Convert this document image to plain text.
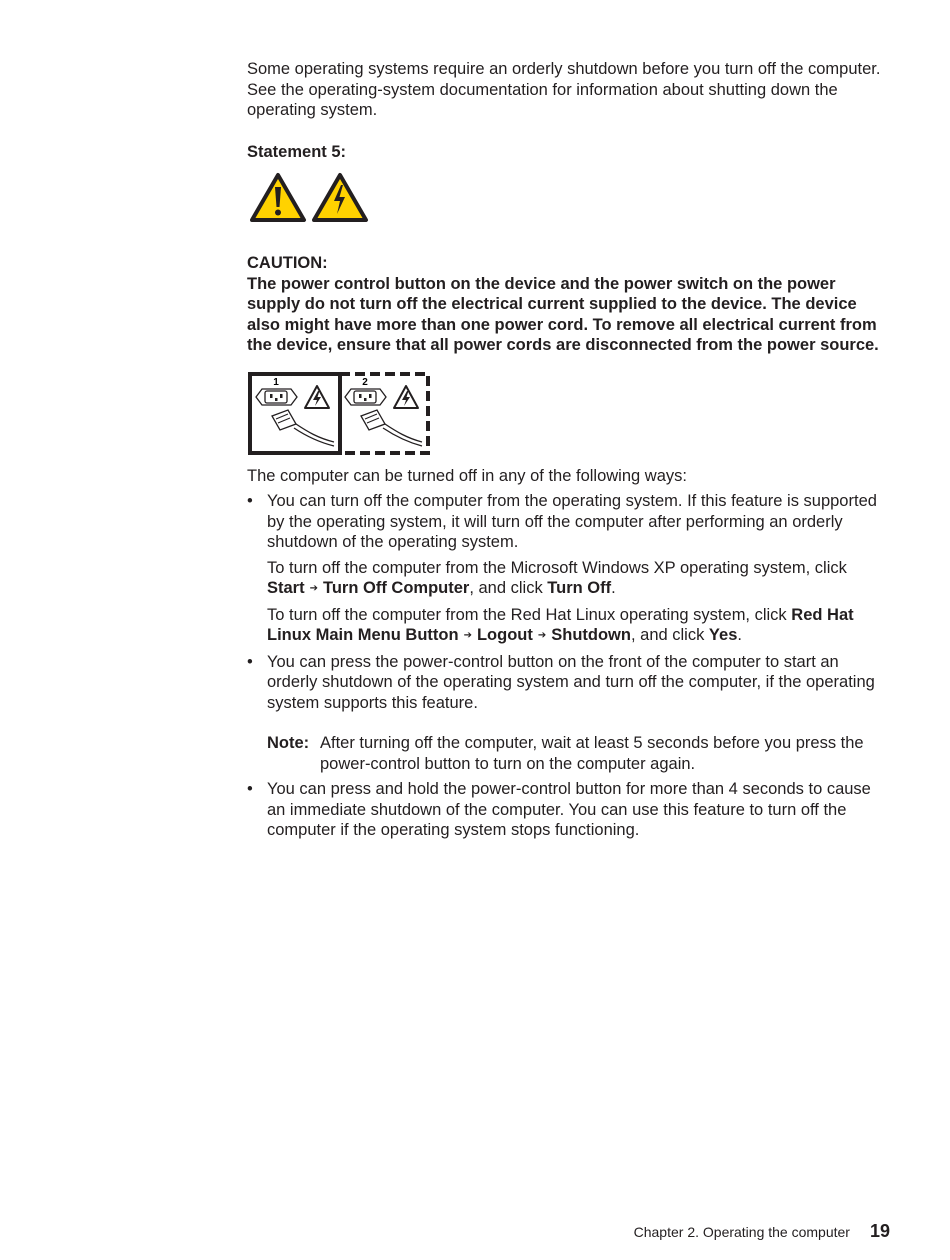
Some operating systems require an orderly shutdown before you turn off the computer. See the operating-system documentation for information about shutting down the operating system.

Statement 5:

CAUTION:

The power control button on the device and the power switch on the power supply do not turn off the electrical current supplied to the device. The device also might have more than one power cord. To remove all electrical current from the device, ensure that all power cords are disconnected from the power source.

1	2

The computer can be turned off in any of the following ways:

• You can turn off the computer from the operating system. If this feature is supported by the operating system, it will turn off the computer after performing an orderly shutdown of the operating system.

To turn off the computer from the Microsoft Windows XP operating system, click Start ➔ Turn Off Computer, and click Turn Off.

To turn off the computer from the Red Hat Linux operating system, click Red Hat Linux Main Menu Button ➔ Logout ➔ Shutdown, and click Yes.

• You can press the power-control button on the front of the computer to start an orderly shutdown of the operating system and turn off the computer, if the operating system supports this feature.

Note: After turning off the computer, wait at least 5 seconds before you press the power-control button to turn on the computer again.

• You can press and hold the power-control button for more than 4 seconds to cause an immediate shutdown of the computer. You can use this feature to turn off the computer if the operating system stops functioning.

Chapter 2. Operating the computer 19
